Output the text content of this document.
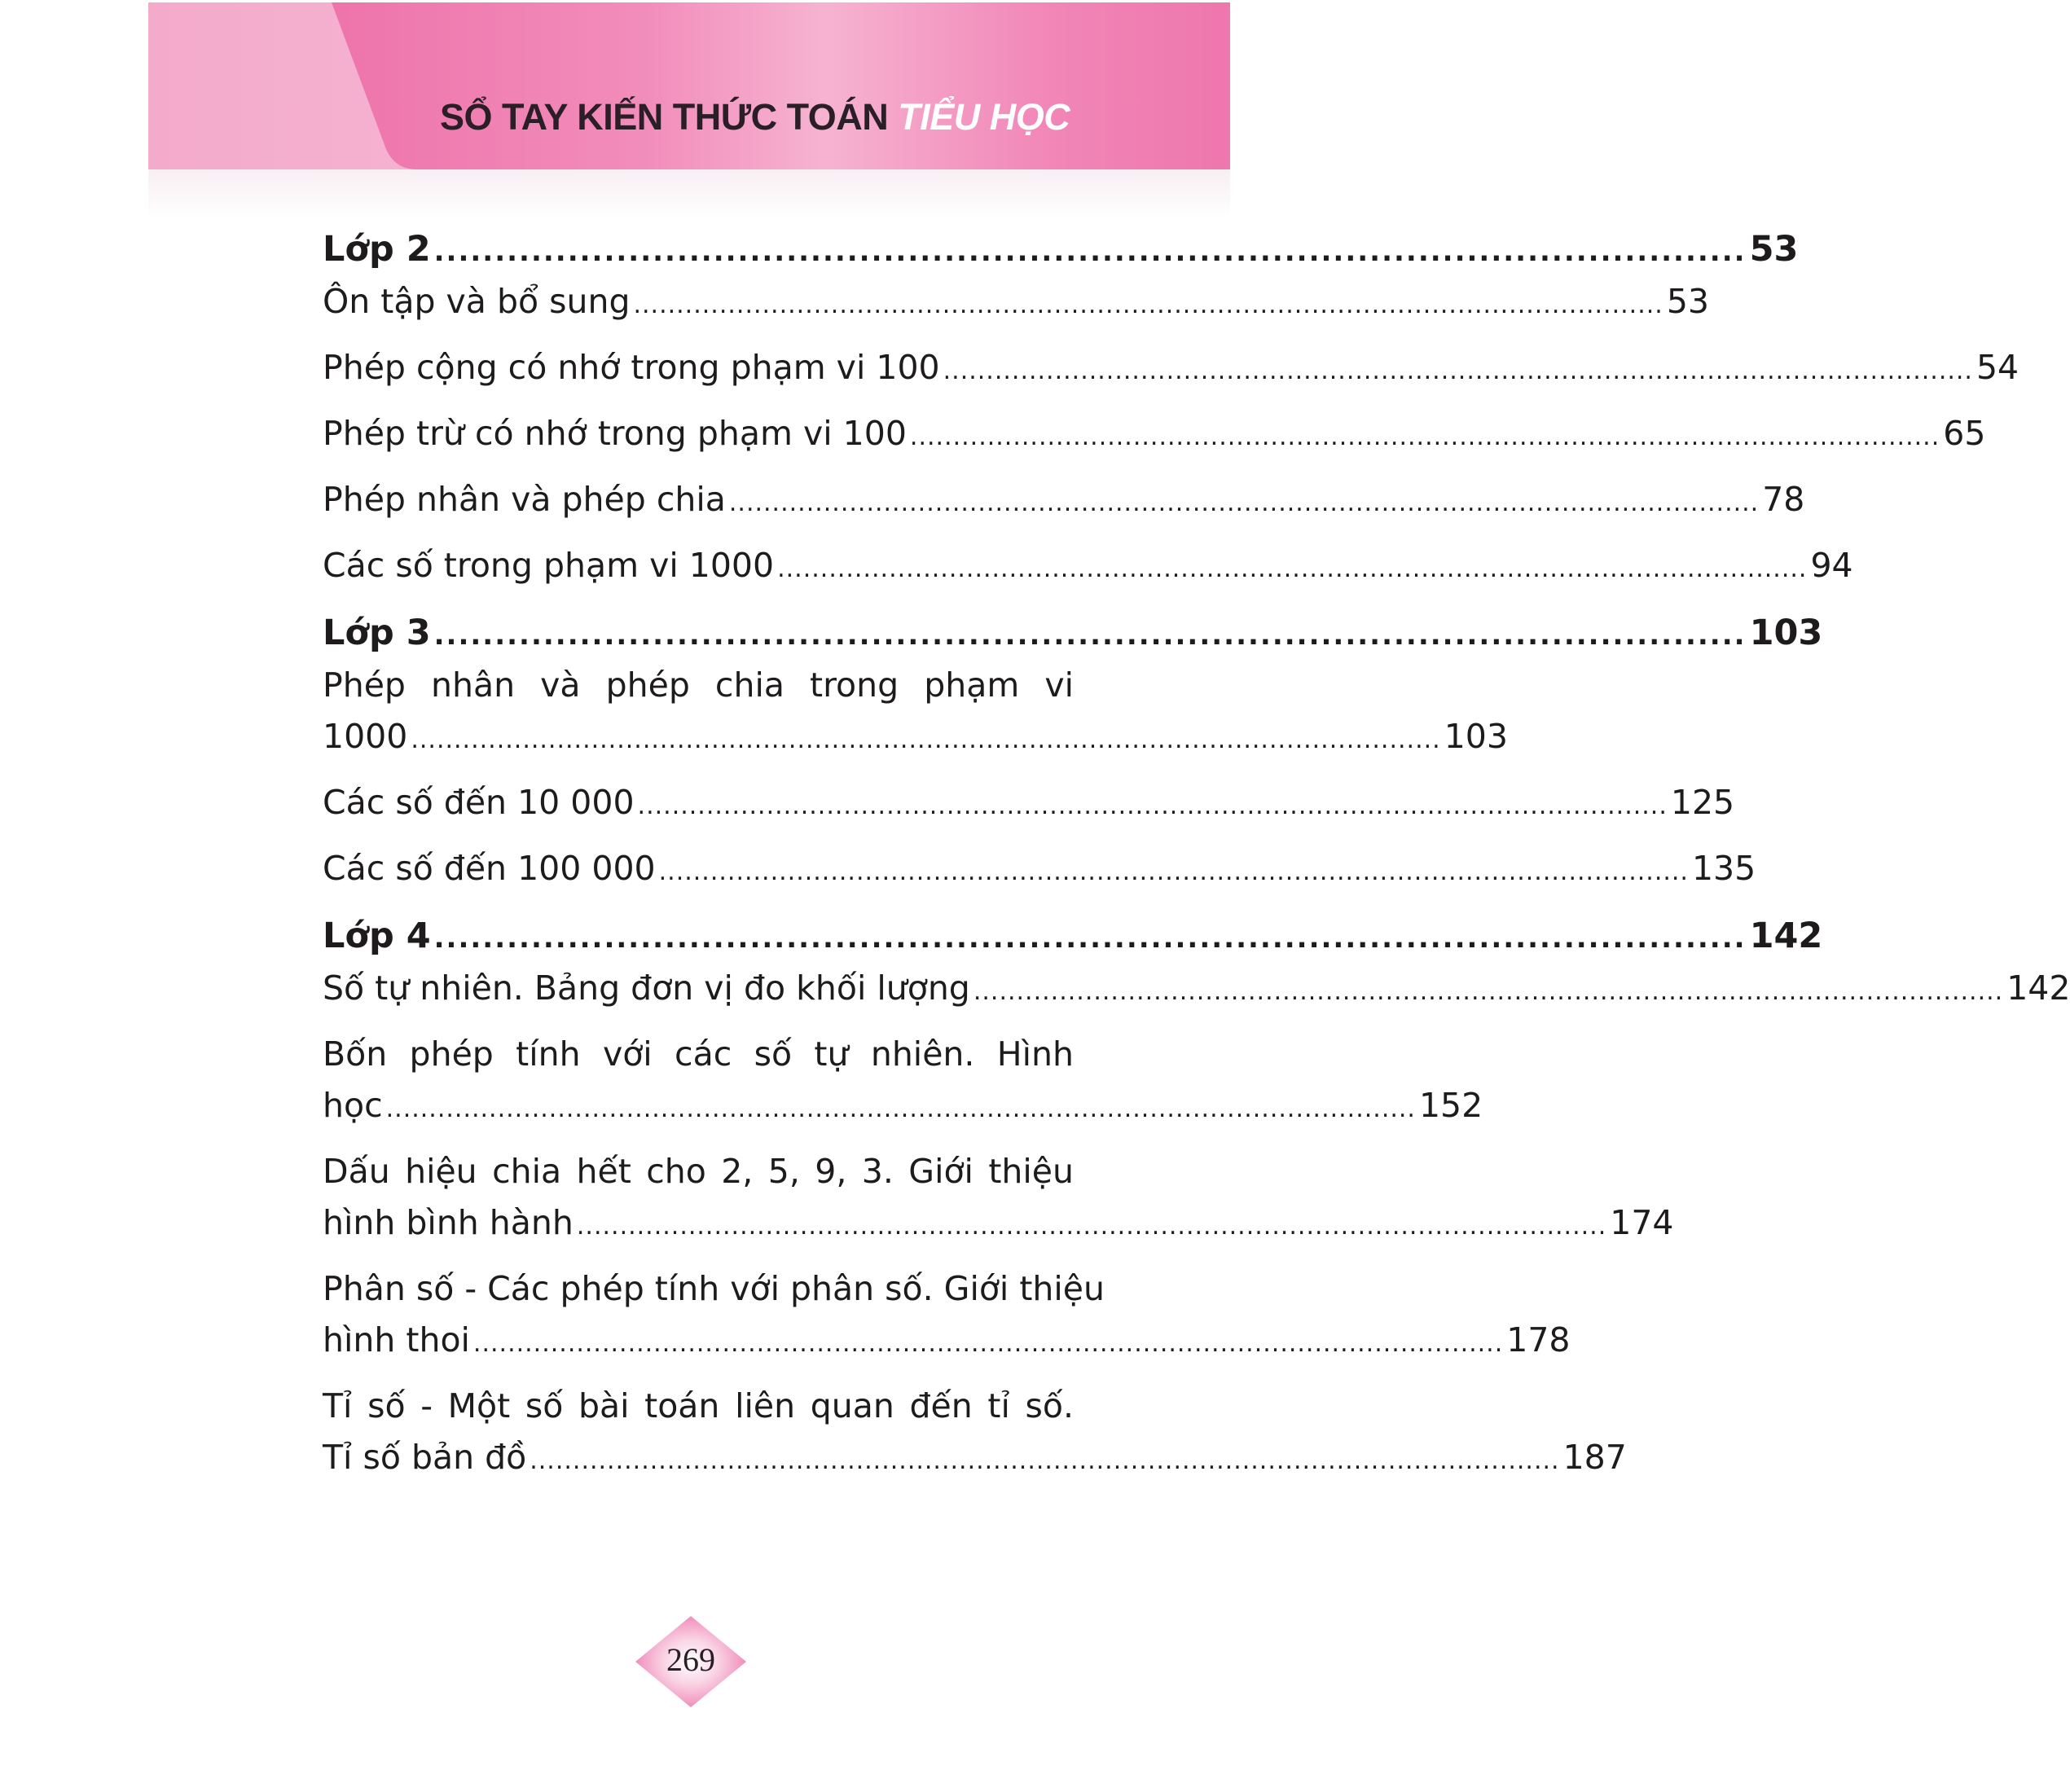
SỔ TAY KIẾN THỨC TOÁN TIỂU HỌC
Lớp 2 ............................................................................................................ 53
Ôn tập và bổ sung ........................................................................................................................ 53
Phép cộng có nhớ trong phạm vi 100 ........................................................................................................................ 54
Phép trừ có nhớ trong phạm vi 100 ........................................................................................................................ 65
Phép nhân và phép chia ........................................................................................................................ 78
Các số trong phạm vi 1000 ........................................................................................................................ 94
Lớp 3 ............................................................................................................ 103
Phép nhân và phép chia trong phạm vi
1000 ........................................................................................................................ 103
Các số đến 10 000 ........................................................................................................................ 125
Các số đến 100 000 ........................................................................................................................ 135
Lớp 4 ............................................................................................................ 142
Số tự nhiên. Bảng đơn vị đo khối lượng ........................................................................................................................ 142
Bốn phép tính với các số tự nhiên. Hình
học ........................................................................................................................ 152
Dấu hiệu chia hết cho 2, 5, 9, 3. Giới thiệu
hình bình hành ........................................................................................................................ 174
Phân số - Các phép tính với phân số. Giới thiệu
hình thoi ........................................................................................................................ 178
Tỉ số - Một số bài toán liên quan đến tỉ số.
Tỉ số bản đồ ........................................................................................................................ 187
269
